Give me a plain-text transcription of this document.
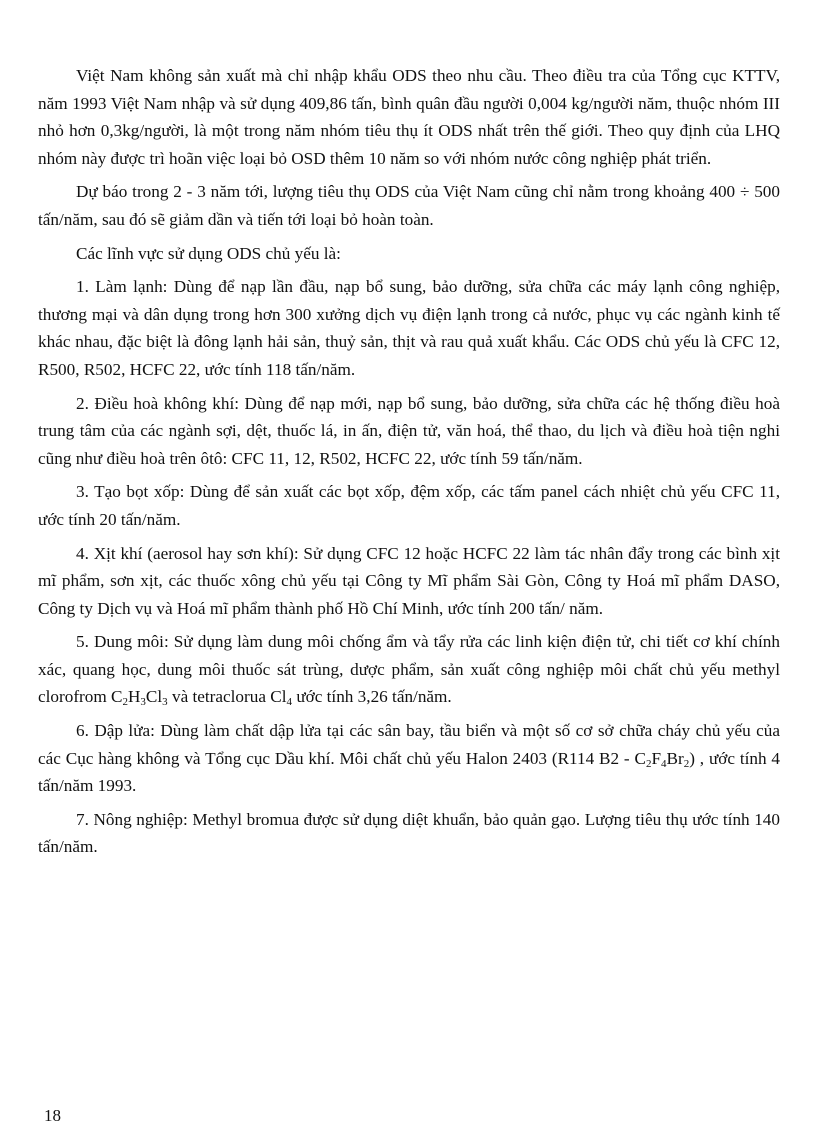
Việt Nam không sản xuất mà chỉ nhập khẩu ODS theo nhu cầu. Theo điều tra của Tổng cục KTTV, năm 1993 Việt Nam nhập và sử dụng 409,86 tấn, bình quân đầu người 0,004 kg/người năm, thuộc nhóm III nhỏ hơn 0,3kg/người, là một trong năm nhóm tiêu thụ ít ODS nhất trên thế giới. Theo quy định của LHQ nhóm này được trì hoãn việc loại bỏ OSD thêm 10 năm so với nhóm nước công nghiệp phát triển.

Dự báo trong 2 - 3 năm tới, lượng tiêu thụ ODS của Việt Nam cũng chỉ nằm trong khoảng 400 ÷ 500 tấn/năm, sau đó sẽ giảm dần và tiến tới loại bỏ hoàn toàn.

Các lĩnh vực sử dụng ODS chủ yếu là:

1. Làm lạnh: Dùng để nạp lần đầu, nạp bổ sung, bảo dưỡng, sửa chữa các máy lạnh công nghiệp, thương mại và dân dụng trong hơn 300 xưởng dịch vụ điện lạnh trong cả nước, phục vụ các ngành kinh tế khác nhau, đặc biệt là đông lạnh hải sản, thuỷ sản, thịt và rau quả xuất khẩu. Các ODS chủ yếu là CFC 12, R500, R502, HCFC 22, ước tính 118 tấn/năm.

2. Điều hoà không khí: Dùng để nạp mới, nạp bổ sung, bảo dưỡng, sửa chữa các hệ thống điều hoà trung tâm của các ngành sợi, dệt, thuốc lá, in ấn, điện tử, văn hoá, thể thao, du lịch và điều hoà tiện nghi cũng như điều hoà trên ôtô: CFC 11, 12, R502, HCFC 22, ước tính 59 tấn/năm.

3. Tạo bọt xốp: Dùng để sản xuất các bọt xốp, đệm xốp, các tấm panel cách nhiệt chủ yếu CFC 11, ước tính 20 tấn/năm.

4. Xịt khí (aerosol hay sơn khí): Sử dụng CFC 12 hoặc HCFC 22 làm tác nhân đẩy trong các bình xịt mĩ phẩm, sơn xịt, các thuốc xông chủ yếu tại Công ty Mĩ phẩm Sài Gòn, Công ty Hoá mĩ phẩm DASO, Công ty Dịch vụ và Hoá mĩ phẩm thành phố Hồ Chí Minh, ước tính 200 tấn/ năm.

5. Dung môi: Sử dụng làm dung môi chống ẩm và tẩy rửa các linh kiện điện tử, chi tiết cơ khí chính xác, quang học, dung môi thuốc sát trùng, dược phẩm, sản xuất công nghiệp môi chất chủ yếu methyl clorofrom $C_2H_3Cl_3$ và tetraclorua $Cl_4$ ước tính 3,26 tấn/năm.

6. Dập lửa: Dùng làm chất dập lửa tại các sân bay, tầu biển và một số cơ sở chữa cháy chủ yếu của các Cục hàng không và Tổng cục Dầu khí. Môi chất chủ yếu Halon 2403 (R114 $B2 - C_2F_4Br_2$) , ước tính 4 tấn/năm 1993.

7. Nông nghiệp: Methyl bromua được sử dụng diệt khuẩn, bảo quản gạo. Lượng tiêu thụ ước tính 140 tấn/năm.

18
